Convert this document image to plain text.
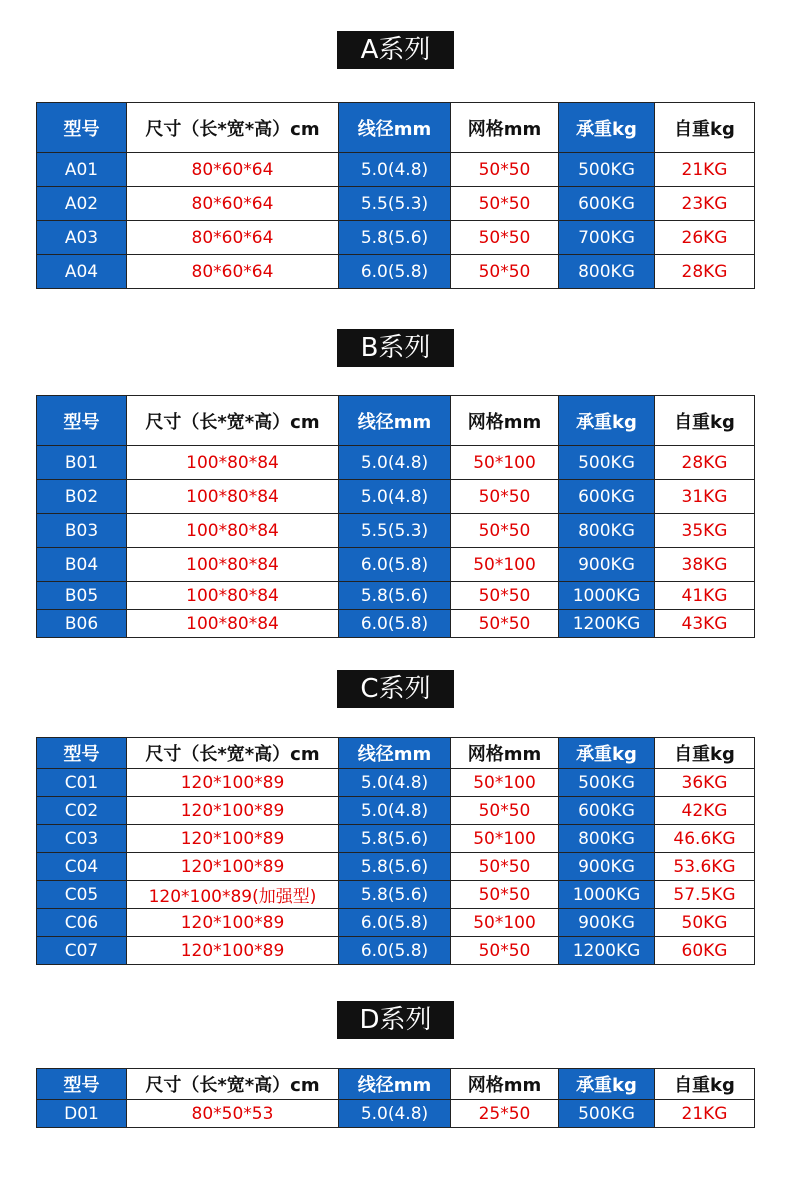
A系列
型号	尺寸（长*宽*高）cm	线径mm	网格mm	承重kg	自重kg
A01	80*60*64	5.0(4.8)	50*50	500KG	21KG
A02	80*60*64	5.5(5.3)	50*50	600KG	23KG
A03	80*60*64	5.8(5.6)	50*50	700KG	26KG
A04	80*60*64	6.0(5.8)	50*50	800KG	28KG
B系列
型号	尺寸（长*宽*高）cm	线径mm	网格mm	承重kg	自重kg
B01	100*80*84	5.0(4.8)	50*100	500KG	28KG
B02	100*80*84	5.0(4.8)	50*50	600KG	31KG
B03	100*80*84	5.5(5.3)	50*50	800KG	35KG
B04	100*80*84	6.0(5.8)	50*100	900KG	38KG
B05	100*80*84	5.8(5.6)	50*50	1000KG	41KG
B06	100*80*84	6.0(5.8)	50*50	1200KG	43KG
C系列
型号	尺寸（长*宽*高）cm	线径mm	网格mm	承重kg	自重kg
C01	120*100*89	5.0(4.8)	50*100	500KG	36KG
C02	120*100*89	5.0(4.8)	50*50	600KG	42KG
C03	120*100*89	5.8(5.6)	50*100	800KG	46.6KG
C04	120*100*89	5.8(5.6)	50*50	900KG	53.6KG
C05	120*100*89(加强型)	5.8(5.6)	50*50	1000KG	57.5KG
C06	120*100*89	6.0(5.8)	50*100	900KG	50KG
C07	120*100*89	6.0(5.8)	50*50	1200KG	60KG
D系列
型号	尺寸（长*宽*高）cm	线径mm	网格mm	承重kg	自重kg
D01	80*50*53	5.0(4.8)	25*50	500KG	21KG
